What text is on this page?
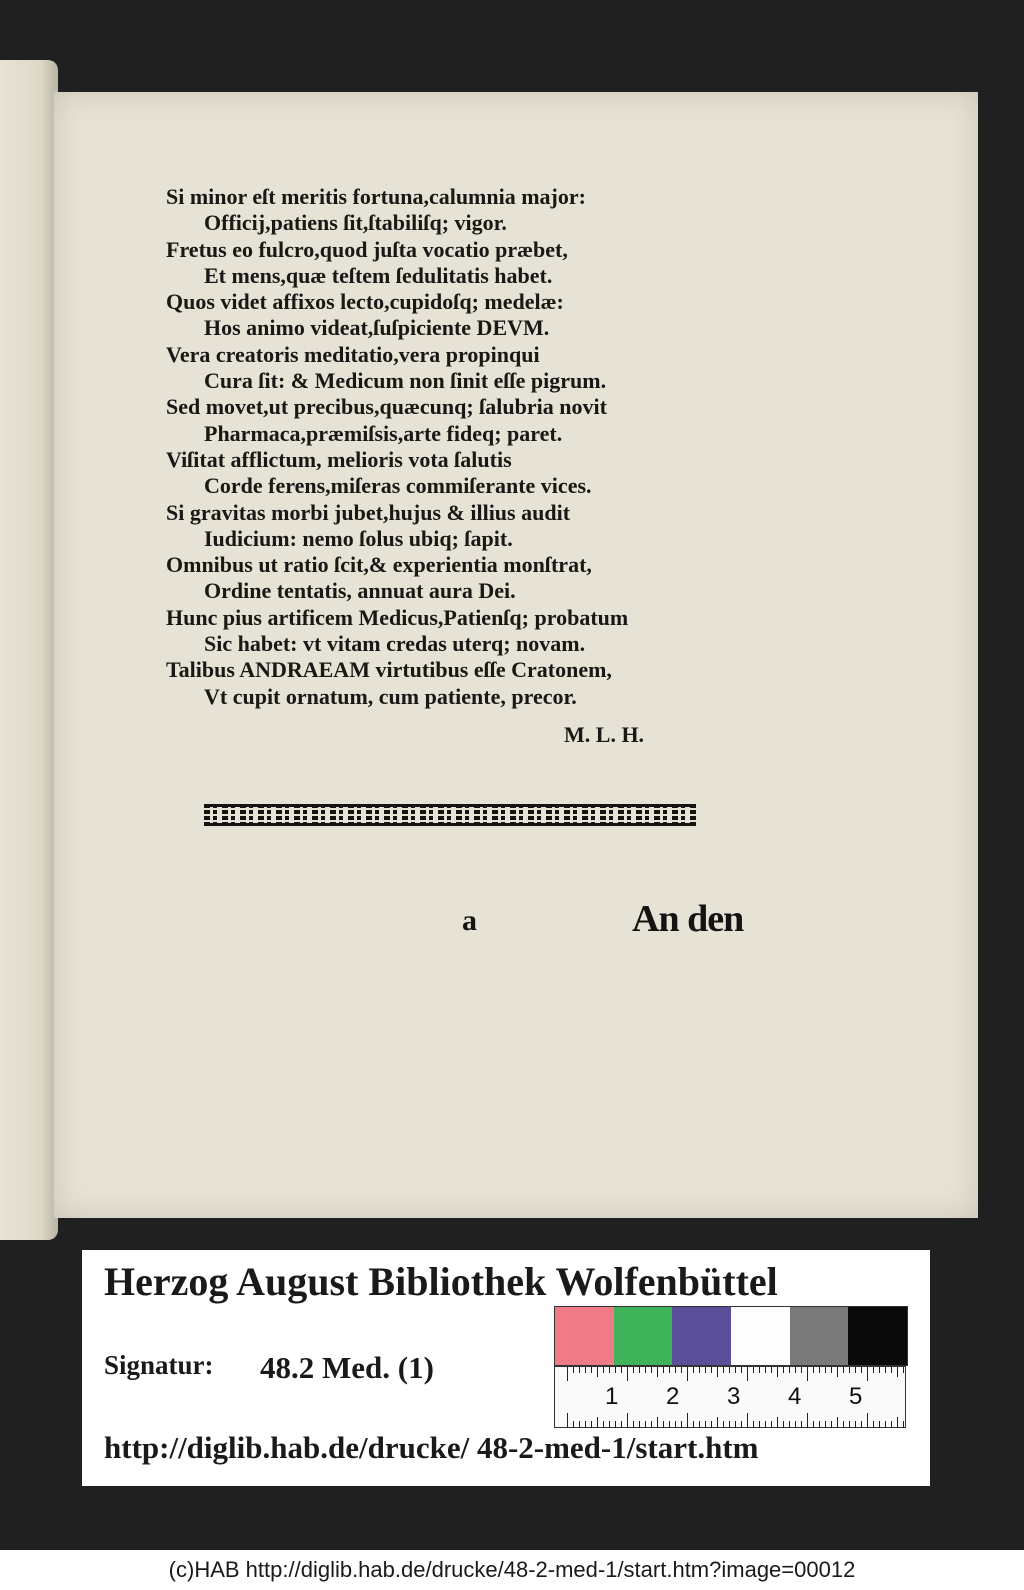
Si minor eſt meritis fortuna,calumnia major:
Officij,patiens ſit,ſtabiliſq; vigor.
Fretus eo fulcro,quod juſta vocatio præbet,
Et mens,quæ teſtem ſedulitatis habet.
Quos videt affixos lecto,cupidoſq; medelæ:
Hos animo videat,ſuſpiciente DEVM.
Vera creatoris meditatio,vera propinqui
Cura ſit: & Medicum non ſinit eſſe pigrum.
Sed movet,ut precibus,quæcunq; ſalubria novit
Pharmaca,præmiſsis,arte fideq; paret.
Viſitat afflictum, melioris vota ſalutis
Corde ferens,miſeras commiſerante vices.
Si gravitas morbi jubet,hujus & illius audit
Iudicium: nemo ſolus ubiq; ſapit.
Omnibus ut ratio ſcit,& experientia monſtrat,
Ordine tentatis, annuat aura Dei.
Hunc pius artificem Medicus,Patienſq; probatum
Sic habet: vt vitam credas uterq; novam.
Talibus ANDRAEAM virtutibus eſſe Cratonem,
Vt cupit ornatum, cum patiente, precor.
M. L. H.
a	An den
Herzog August Bibliothek Wolfenbüttel
1 2 3 4 5
Signatur: 48.2 Med. (1)
http://diglib.hab.de/drucke/ 48-2-med-1/start.htm
(c)HAB http://diglib.hab.de/drucke/48-2-med-1/start.htm?image=00012
